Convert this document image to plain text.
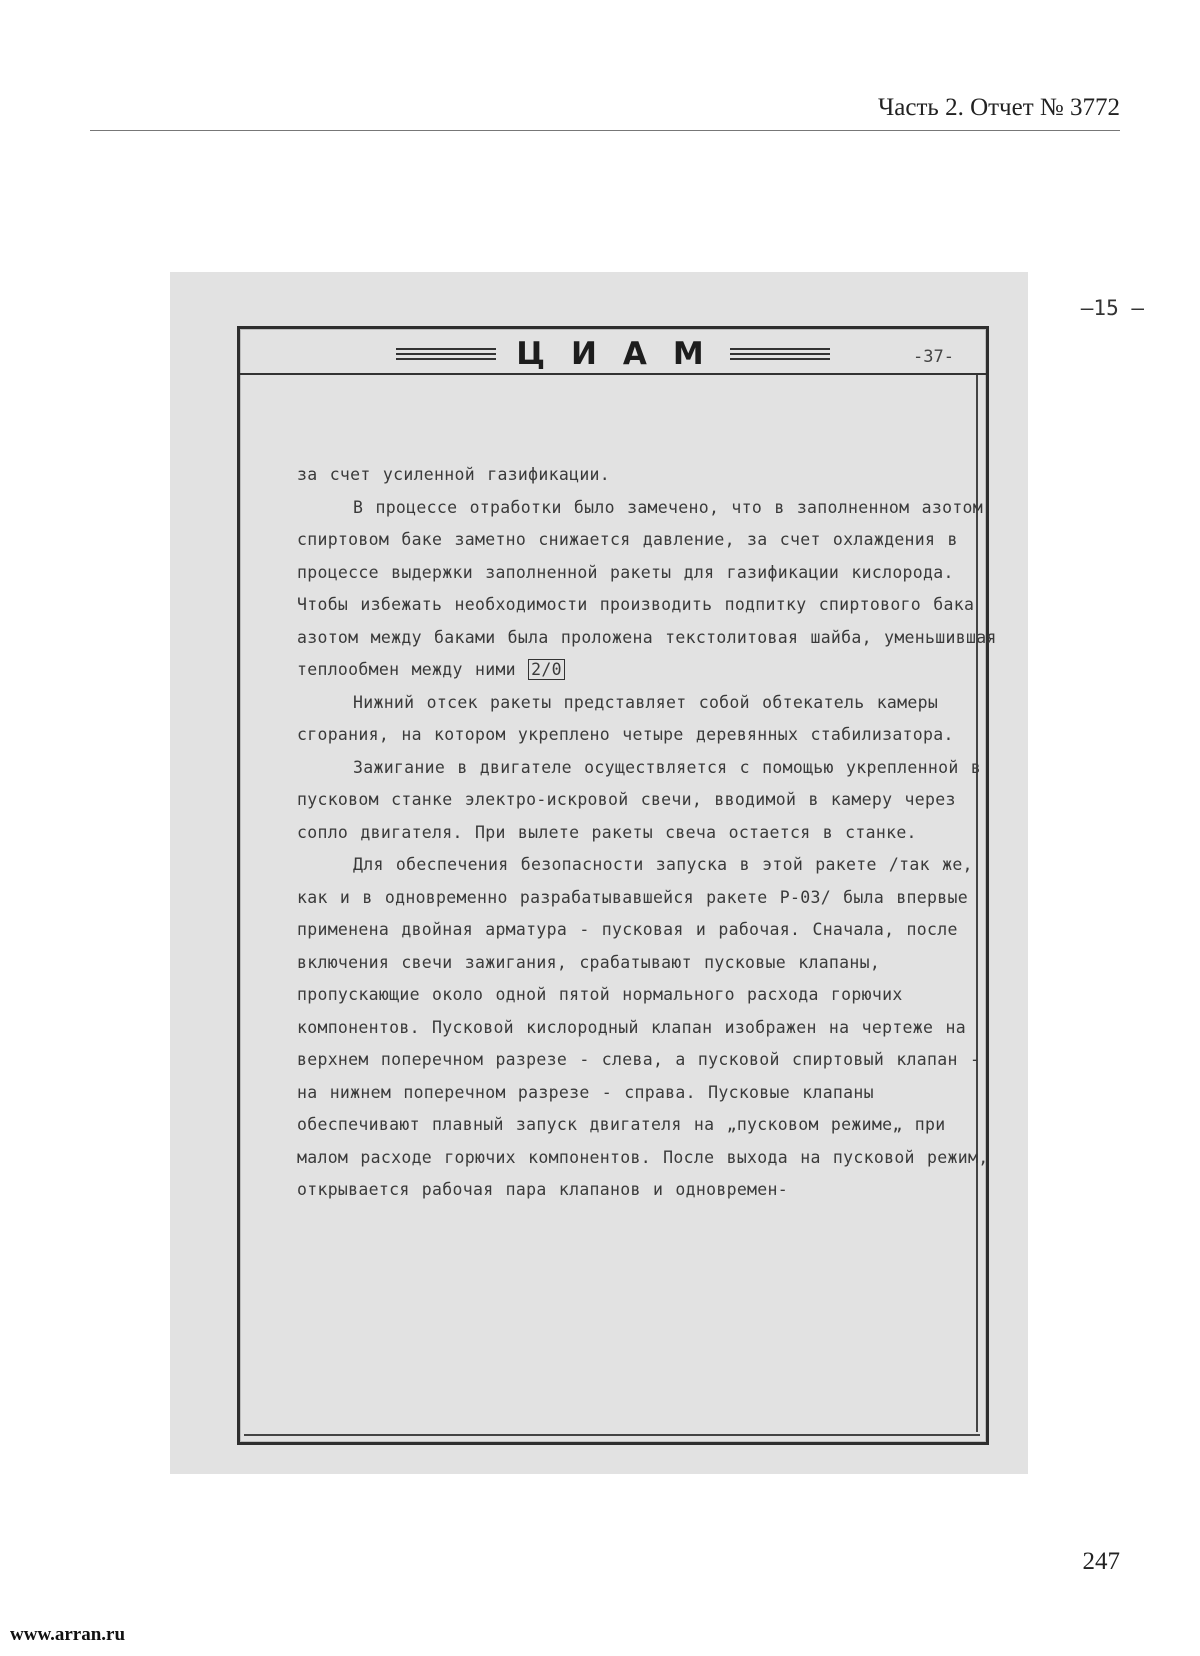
Часть 2. Отчет № 3772
ЦИАМ	-37-

за счет усиленной газификации.

В процессе отработки было замечено, что в заполненном азотом спиртовом баке заметно снижается давление, за счет охлаждения в процессе выдержки заполненной ракеты для газификации кислорода. Чтобы избежать необходимости производить подпитку спиртового бака азотом между баками была проложена текстолитовая шайба, уменьшившая теплообмен между ними 2/0

Нижний отсек ракеты представляет собой обтекатель камеры сгорания, на котором укреплено четыре деревянных стабилизатора.

Зажигание в двигателе осуществляется с помощью укрепленной в пусковом станке электро-искровой свечи, вводимой в камеру через сопло двигателя. При вылете ракеты свеча остается в станке.

Для обеспечения безопасности запуска в этой ракете /так же, как и в одновременно разрабатывавшейся ракете Р-03/ была впервые применена двойная арматура - пусковая и рабочая. Сначала, после включения свечи зажигания, срабатывают пусковые клапаны, пропускающие около одной пятой нормального расхода горючих компонентов. Пусковой кислородный клапан изображен на чертеже на верхнем поперечном разрезе - слева, а пусковой спиртовый клапан - на нижнем поперечном разрезе - справа. Пусковые клапаны обеспечивают плавный запуск двигателя на „пусковом режиме„ при малом расходе горючих компонентов. После выхода на пусковой режим, открывается рабочая пара клапанов и одновремен-

–15 –
247
www.arran.ru
